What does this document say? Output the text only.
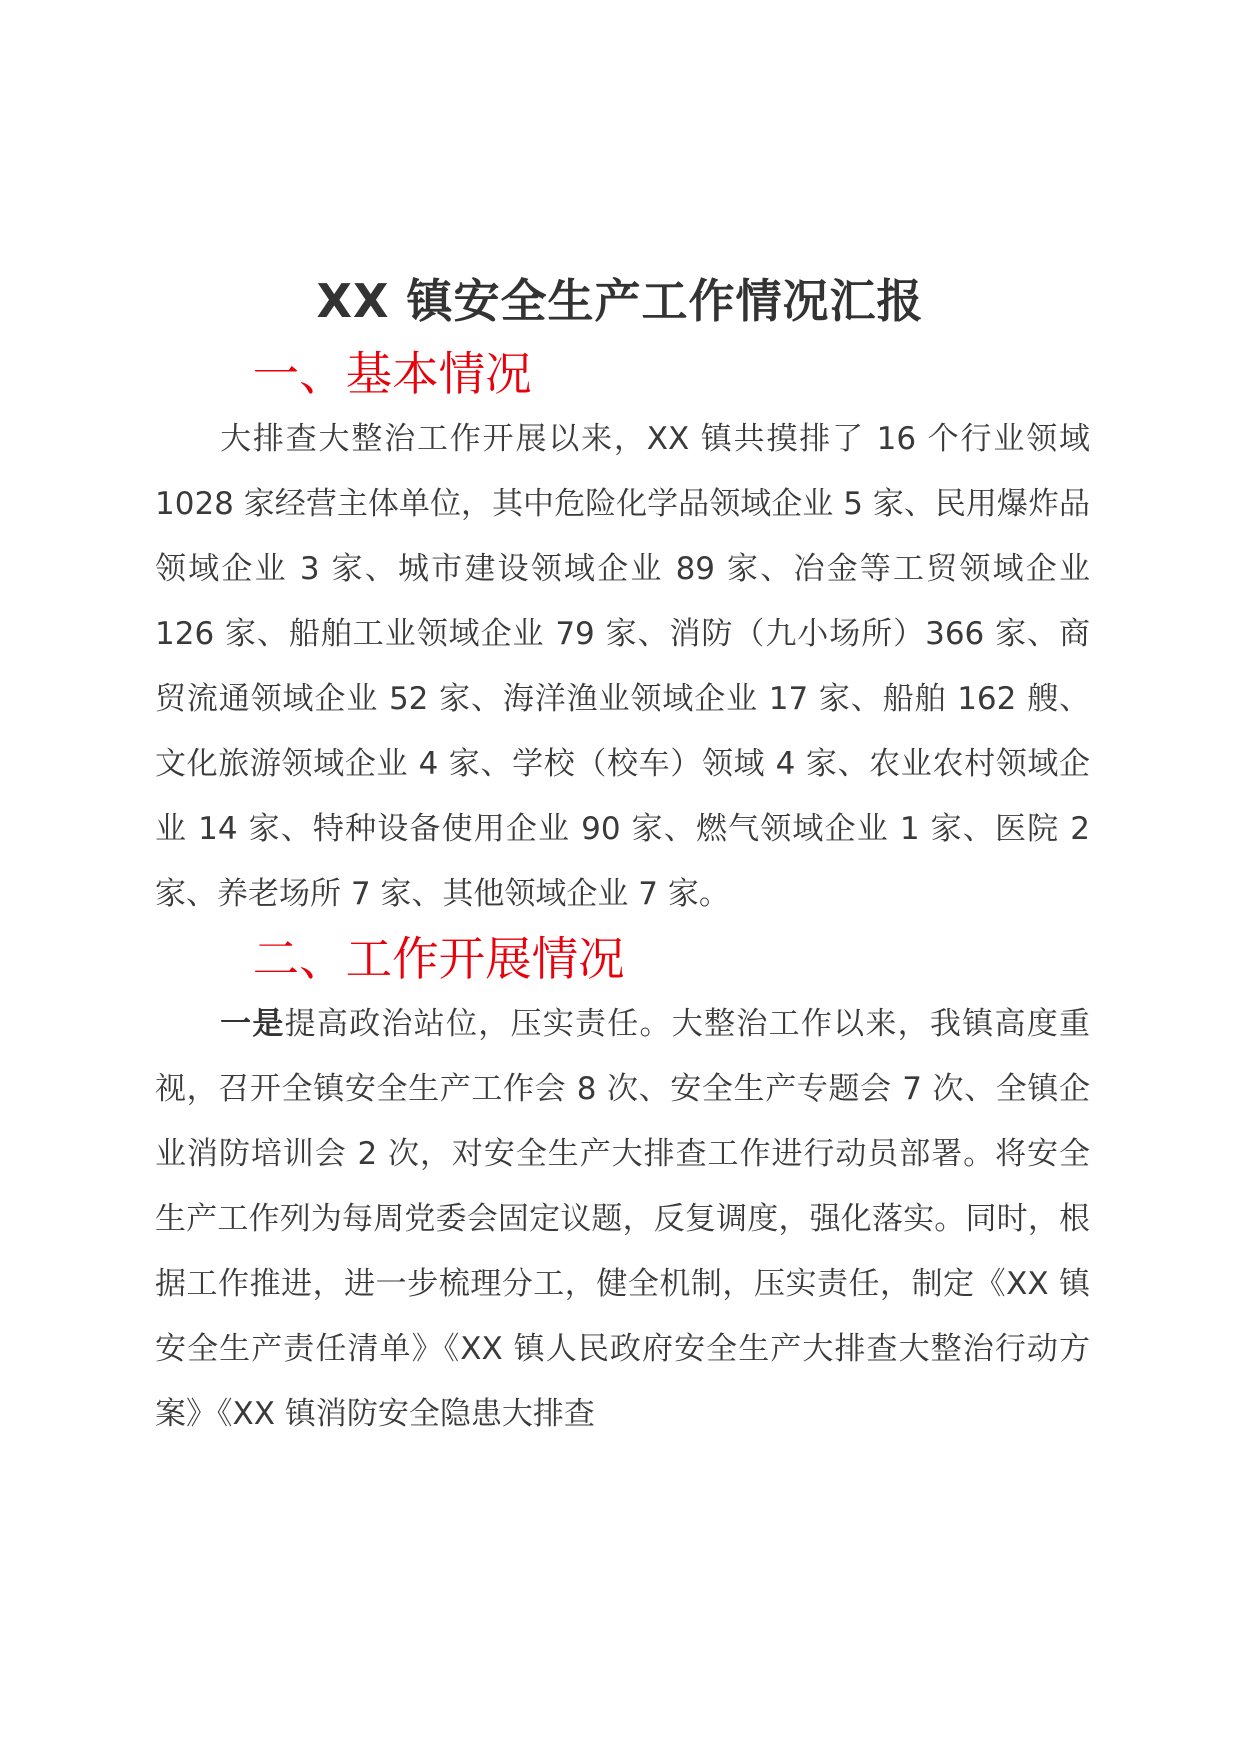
XX 镇安全生产工作情况汇报
一、基本情况

大排查大整治工作开展以来，XX 镇共摸排了 16 个行业领域 1028 家经营主体单位，其中危险化学品领域企业 5 家、民用爆炸品领域企业 3 家、城市建设领域企业 89 家、冶金等工贸领域企业 126 家、船舶工业领域企业 79 家、消防（九小场所）366 家、商贸流通领域企业 52 家、海洋渔业领域企业 17 家、船舶 162 艘、文化旅游领域企业 4 家、学校（校车）领域 4 家、农业农村领域企业 14 家、特种设备使用企业 90 家、燃气领域企业 1 家、医院 2 家、养老场所 7 家、其他领域企业 7 家。

二、工作开展情况

一是提高政治站位，压实责任。大整治工作以来，我镇高度重视，召开全镇安全生产工作会 8 次、安全生产专题会 7 次、全镇企业消防培训会 2 次，对安全生产大排查工作进行动员部署。将安全生产工作列为每周党委会固定议题，反复调度，强化落实。同时，根据工作推进，进一步梳理分工，健全机制，压实责任，制定《XX 镇安全生产责任清单》《XX 镇人民政府安全生产大排查大整治行动方案》《XX 镇消防安全隐患大排查
